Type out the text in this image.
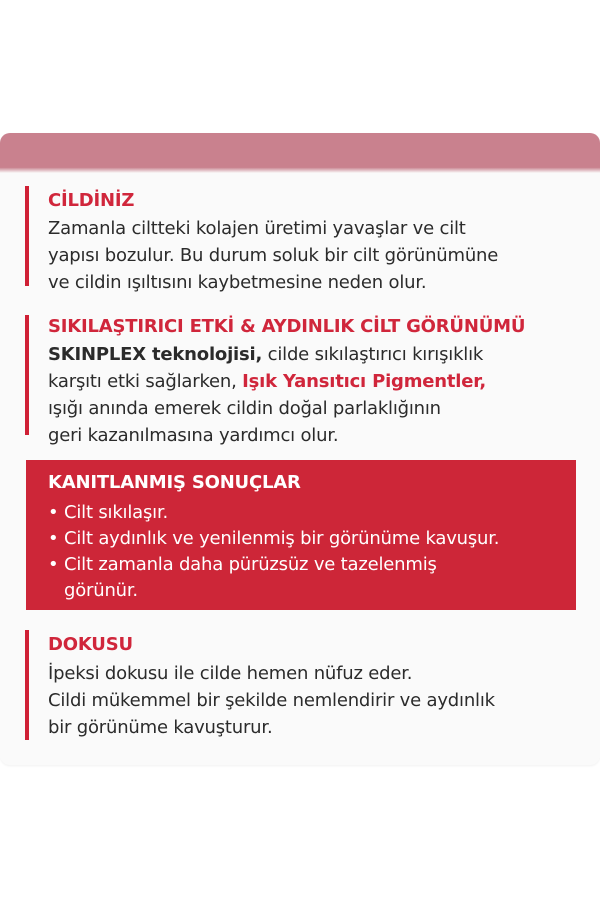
CİLDİNİZ

Zamanla ciltteki kolajen üretimi yavaşlar ve cilt

yapısı bozulur. Bu durum soluk bir cilt görünümüne

ve cildin ışıltısını kaybetmesine neden olur.

SIKILAŞTIRICI ETKİ & AYDINLIK CİLT GÖRÜNÜMÜ

SKINPLEX teknolojisi, cilde sıkılaştırıcı kırışıklık

karşıtı etki sağlarken, Işık Yansıtıcı Pigmentler,

ışığı anında emerek cildin doğal parlaklığının

geri kazanılmasına yardımcı olur.

KANITLANMIŞ SONUÇLAR
• Cilt sıkılaşır.
• Cilt aydınlık ve yenilenmiş bir görünüme kavuşur.
• Cilt zamanla daha pürüzsüz ve tazelenmiş
görünür.
DOKUSU

İpeksi dokusu ile cilde hemen nüfuz eder.

Cildi mükemmel bir şekilde nemlendirir ve aydınlık

bir görünüme kavuşturur.
